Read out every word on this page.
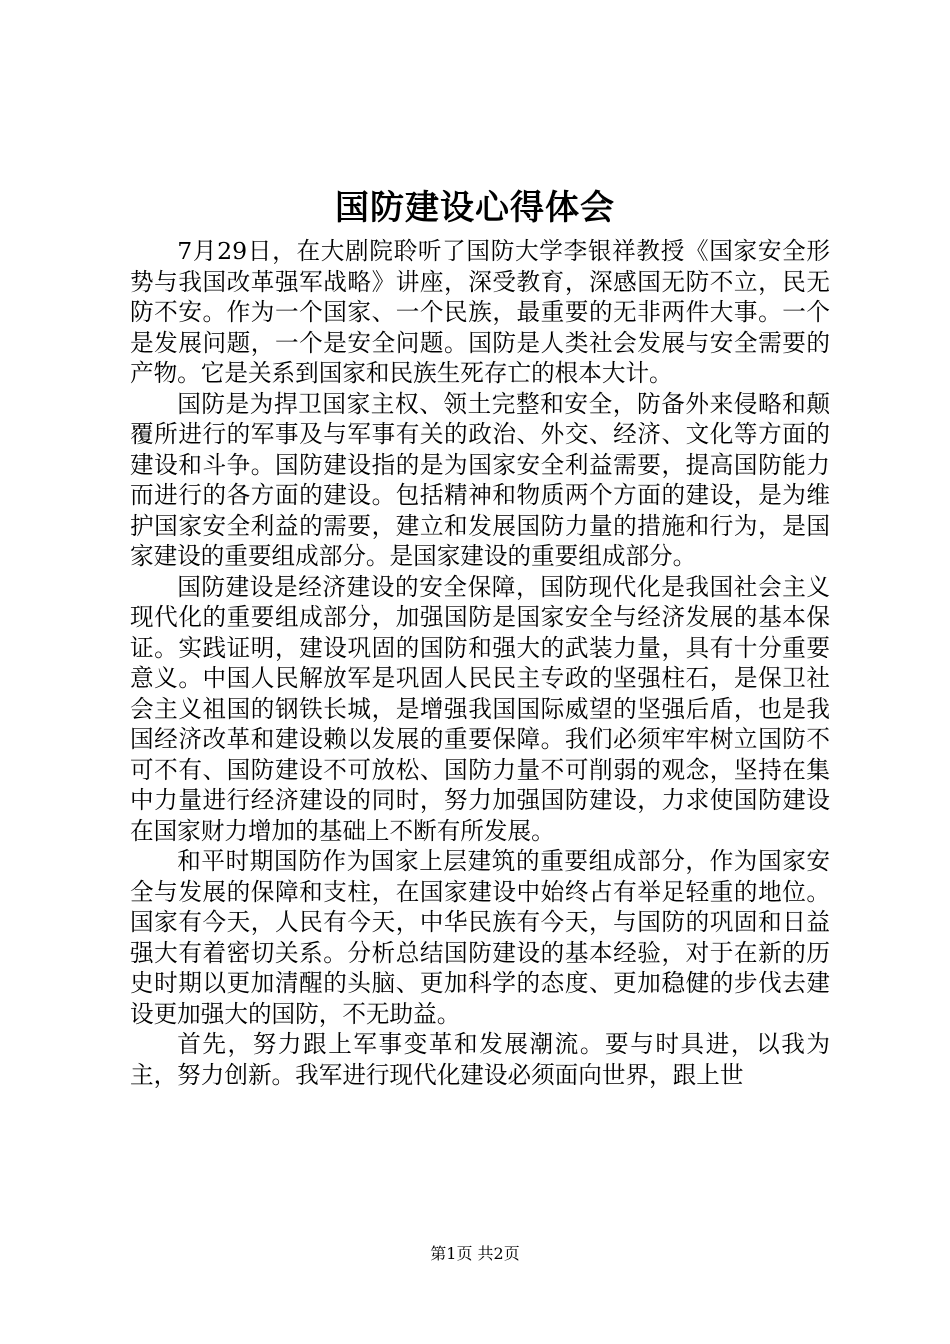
国防建设心得体会

7月29日，在大剧院聆听了国防大学李银祥教授《国家安全形势与我国改革强军战略》讲座，深受教育，深感国无防不立，民无防不安。作为一个国家、一个民族，最重要的无非两件大事。一个是发展问题，一个是安全问题。国防是人类社会发展与安全需要的产物。它是关系到国家和民族生死存亡的根本大计。

国防是为捍卫国家主权、领土完整和安全，防备外来侵略和颠覆所进行的军事及与军事有关的政治、外交、经济、文化等方面的建设和斗争。国防建设指的是为国家安全利益需要，提高国防能力而进行的各方面的建设。包括精神和物质两个方面的建设，是为维护国家安全利益的需要，建立和发展国防力量的措施和行为，是国家建设的重要组成部分。是国家建设的重要组成部分。

国防建设是经济建设的安全保障，国防现代化是我国社会主义现代化的重要组成部分，加强国防是国家安全与经济发展的基本保证。实践证明，建设巩固的国防和强大的武装力量，具有十分重要意义。中国人民解放军是巩固人民民主专政的坚强柱石，是保卫社会主义祖国的钢铁长城，是增强我国国际威望的坚强后盾，也是我国经济改革和建设赖以发展的重要保障。我们必须牢牢树立国防不可不有、国防建设不可放松、国防力量不可削弱的观念，坚持在集中力量进行经济建设的同时，努力加强国防建设，力求使国防建设在国家财力增加的基础上不断有所发展。

和平时期国防作为国家上层建筑的重要组成部分，作为国家安全与发展的保障和支柱，在国家建设中始终占有举足轻重的地位。国家有今天，人民有今天，中华民族有今天，与国防的巩固和日益强大有着密切关系。分析总结国防建设的基本经验，对于在新的历史时期以更加清醒的头脑、更加科学的态度、更加稳健的步伐去建设更加强大的国防，不无助益。

首先，努力跟上军事变革和发展潮流。要与时具进，以我为主，努力创新。我军进行现代化建设必须面向世界，跟上世

第1页 共2页
